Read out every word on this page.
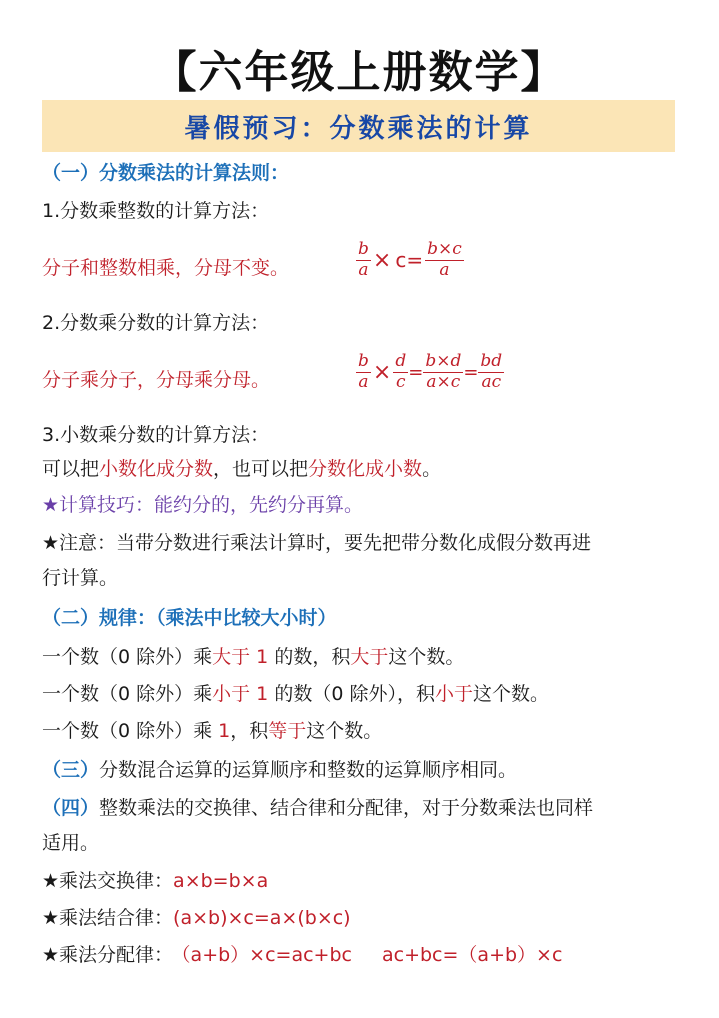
【六年级上册数学】
暑假预习：分数乘法的计算
（一）分数乘法的计算法则：
1.分数乘整数的计算方法：
分子和整数相乘，分母不变。	$\frac{b}{a} \times c= \frac{b\times c}{a}$
2.分数乘分数的计算方法：
分子乘分子，分母乘分母。	$\frac{b}{a} \times \frac{d}{c} = \frac{b\times d}{a\times c} = \frac{bd}{ac}$
3.小数乘分数的计算方法：
可以把小数化成分数，也可以把分数化成小数。
★计算技巧：能约分的，先约分再算。
★注意：当带分数进行乘法计算时，要先把带分数化成假分数再进
行计算。
（二）规律：（乘法中比较大小时）
一个数（0 除外）乘大于 1 的数，积大于这个数。
一个数（0 除外）乘小于 1 的数（0 除外），积小于这个数。
一个数（0 除外）乘 1，积等于这个数。
（三）分数混合运算的运算顺序和整数的运算顺序相同。
（四）整数乘法的交换律、结合律和分配律，对于分数乘法也同样
适用。
★乘法交换律：a×b=b×a
★乘法结合律：(a×b)×c=a×(b×c)
★乘法分配律： （a+b）×c=ac+bc ac+bc=（a+b）×c
